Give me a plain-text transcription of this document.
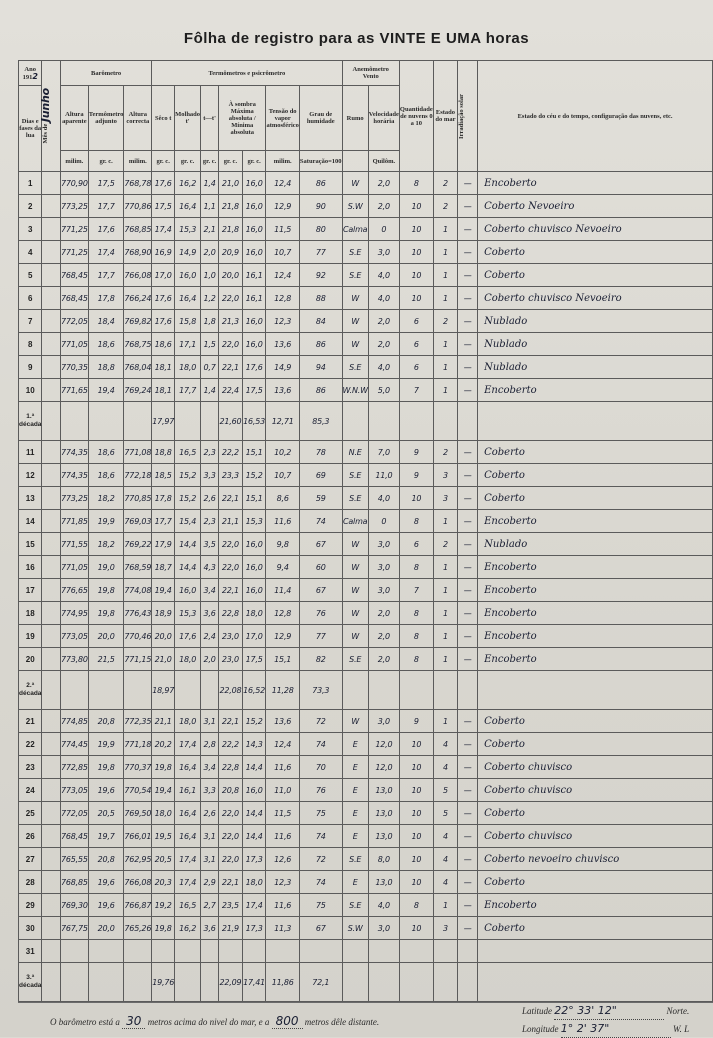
Fôlha de registro para as VINTE E UMA horas
Ano
1912	Mês de Junho	Barômetro			Termômetros e psicrômetro							Anemômetro
Vento		Quantidade de nuvens 0 a 10	Estado do mar	Irradiação solar	Estado do céu e do tempo, configuração das nuvens, etc.
Dias e fases da lua		Altura aparente	Termômetro adjunto	Altura correcta	Sêco t	Molhado t'	t—t'	À sombra
Máxima absoluta / Mínima absoluta		Tensão do vapor atmosférico	Grau de humidade	Rumo	Velocidade horária				
		milim.	gr. c.	milim.	gr. c.	gr. c.	gr. c.	gr. c.	gr. c.	milim.	Saturação=100		Quilôm.				
1		770,90	17,5	768,78	17,6	16,2	1,4	21,0	16,0	12,4	86	W	2,0	8	2	—	Encoberto
2		773,25	17,7	770,86	17,5	16,4	1,1	21,8	16,0	12,9	90	S.W	2,0	10	2	—	Coberto Nevoeiro
3		771,25	17,6	768,85	17,4	15,3	2,1	21,8	16,0	11,5	80	Calma	0	10	1	—	Coberto chuvisco Nevoeiro
4		771,25	17,4	768,90	16,9	14,9	2,0	20,9	16,0	10,7	77	S.E	3,0	10	1	—	Coberto
5		768,45	17,7	766,08	17,0	16,0	1,0	20,0	16,1	12,4	92	S.E	4,0	10	1	—	Coberto
6		768,45	17,8	766,24	17,6	16,4	1,2	22,0	16,1	12,8	88	W	4,0	10	1	—	Coberto chuvisco Nevoeiro
7		772,05	18,4	769,82	17,6	15,8	1,8	21,3	16,0	12,3	84	W	2,0	6	2	—	Nublado
8		771,05	18,6	768,75	18,6	17,1	1,5	22,0	16,0	13,6	86	W	2,0	6	1	—	Nublado
9		770,35	18,8	768,04	18,1	18,0	0,7	22,1	17,6	14,9	94	S.E	4,0	6	1	—	Nublado
10		771,65	19,4	769,24	18,1	17,7	1,4	22,4	17,5	13,6	86	W.N.W	5,0	7	1	—	Encoberto
1.ª década					17,97			21,60	16,53	12,71	85,3						
11		774,35	18,6	771,08	18,8	16,5	2,3	22,2	15,1	10,2	78	N.E	7,0	9	2	—	Coberto
12		774,35	18,6	772,18	18,5	15,2	3,3	23,3	15,2	10,7	69	S.E	11,0	9	3	—	Coberto
13		773,25	18,2	770,85	17,8	15,2	2,6	22,1	15,1	8,6	59	S.E	4,0	10	3	—	Coberto
14		771,85	19,9	769,03	17,7	15,4	2,3	21,1	15,3	11,6	74	Calma	0	8	1	—	Encoberto
15		771,55	18,2	769,22	17,9	14,4	3,5	22,0	16,0	9,8	67	W	3,0	6	2	—	Nublado
16		771,05	19,0	768,59	18,7	14,4	4,3	22,0	16,0	9,4	60	W	3,0	8	1	—	Encoberto
17		776,65	19,8	774,08	19,4	16,0	3,4	22,1	16,0	11,4	67	W	3,0	7	1	—	Encoberto
18		774,95	19,8	776,43	18,9	15,3	3,6	22,8	18,0	12,8	76	W	2,0	8	1	—	Encoberto
19		773,05	20,0	770,46	20,0	17,6	2,4	23,0	17,0	12,9	77	W	2,0	8	1	—	Encoberto
20		773,80	21,5	771,15	21,0	18,0	2,0	23,0	17,5	15,1	82	S.E	2,0	8	1	—	Encoberto
2.ª década					18,97			22,08	16,52	11,28	73,3						
21		774,85	20,8	772,35	21,1	18,0	3,1	22,1	15,2	13,6	72	W	3,0	9	1	—	Coberto
22		774,45	19,9	771,18	20,2	17,4	2,8	22,2	14,3	12,4	74	E	12,0	10	4	—	Coberto
23		772,85	19,8	770,37	19,8	16,4	3,4	22,8	14,4	11,6	70	E	12,0	10	4	—	Coberto chuvisco
24		773,05	19,6	770,54	19,4	16,1	3,3	20,8	16,0	11,0	76	E	13,0	10	5	—	Coberto chuvisco
25		772,05	20,5	769,50	18,0	16,4	2,6	22,0	14,4	11,5	75	E	13,0	10	5	—	Coberto
26		768,45	19,7	766,01	19,5	16,4	3,1	22,0	14,4	11,6	74	E	13,0	10	4	—	Coberto chuvisco
27		765,55	20,8	762,95	20,5	17,4	3,1	22,0	17,3	12,6	72	S.E	8,0	10	4	—	Coberto nevoeiro chuvisco
28		768,85	19,6	766,08	20,3	17,4	2,9	22,1	18,0	12,3	74	E	13,0	10	4	—	Coberto
29		769,30	19,6	766,87	19,2	16,5	2,7	23,5	17,4	11,6	75	S.E	4,0	8	1	—	Encoberto
30		767,75	20,0	765,26	19,8	16,2	3,6	21,9	17,3	11,3	67	S.W	3,0	10	3	—	Coberto
31																	
3.ª década					19,76			22,09	17,41	11,86	72,1						
O barômetro está a 30 metros acima do nivel do mar, e a 800 metros dêle distante.
Latitude 22° 33' 12"	Norte.
Longitude 1° 2' 37"	W. L
